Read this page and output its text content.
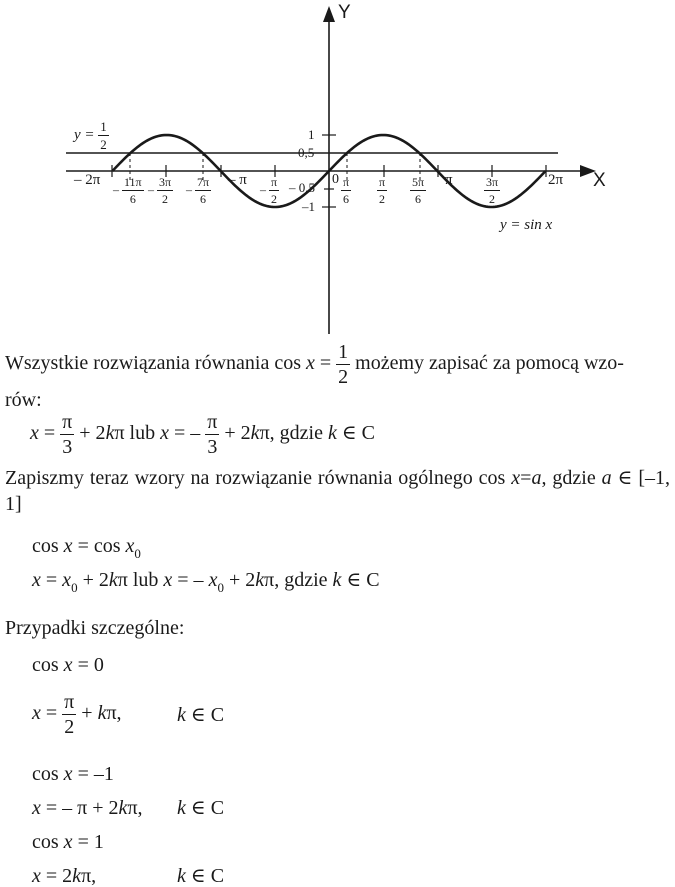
Y
X
$y = \frac{1}{2}$	1
0,5
– 0,5
–1
0
– 2π
– $\frac{11\pi}{6} - \frac{3\pi}{2} - \frac{7\pi}{6}$ – π
– $\frac{\pi}{2}$	$\frac{\pi}{6} \frac{\pi}{2} \frac{5\pi}{6}$ π	$\frac{3\pi}{2}$	2π
y = sin x
Wszystkie rozwiązania równania $\cos x = \frac{1}{2}$ możemy zapisać za pomocą wzo-
rów:
$x = \frac{\pi}{3} + 2k\pi$ lub x = – $\frac{\pi}{3} + 2k\pi$, gdzie k ∈ C
Zapiszmy teraz wzory na rozwiązanie równania ogólnego cos x=a, gdzie a ∈ [–1, 1]
$\cos x = \cos x_0$
$x = x_0 + 2k\pi$ lub x = – $x_0 + 2k\pi$, gdzie k ∈ C
Przypadki szczególne:
cos x = 0
$x = \frac{\pi}{2} + k\pi$,	k ∈ C
cos x = –1
x = – π + 2kπ, k ∈ C
cos x = 1
x = 2kπ,	k ∈ C
